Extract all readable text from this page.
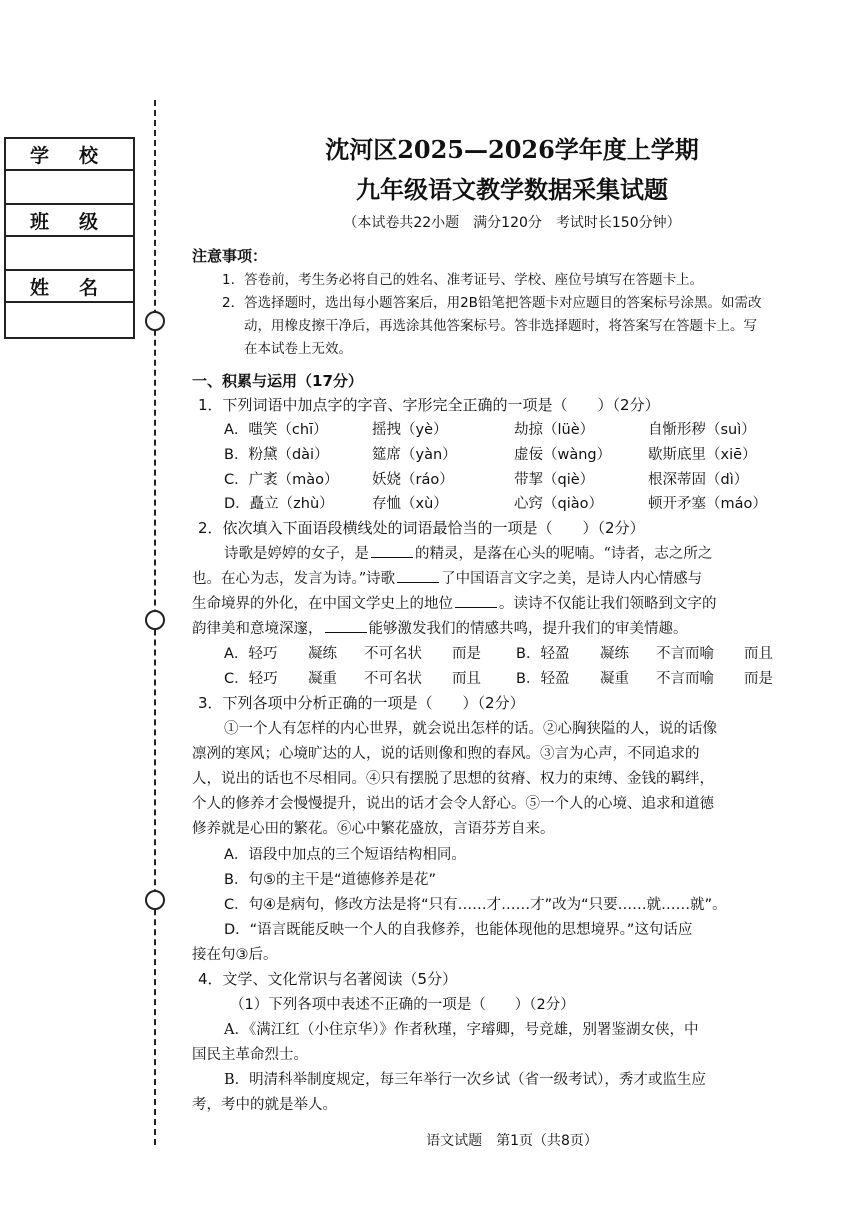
学校
班级
姓名
沈河区2025—2026学年度上学期
九年级语文教学数据采集试题
（本试卷共22小题　满分120分　考试时长150分钟）
注意事项：
1．答卷前，考生务必将自己的姓名、准考证号、学校、座位号填写在答题卡上。
2．答选择题时，选出每小题答案后，用2B铅笔把答题卡对应题目的答案标号涂黑。如需改
动，用橡皮擦干净后，再选涂其他答案标号。答非选择题时，将答案写在答题卡上。写
在本试卷上无效。
一、积累与运用（17分）
1．下列词语中加点字的字音、字形完全正确的一项是（　　）（2分）
A．嗤笑（chī）	摇拽（yè）	劫掠（lüè）	自惭形秽（suì）
B．粉黛（dài）	筵席（yàn）	虚佞（wàng）	歇斯底里（xiē）
C．广袤（mào） 妖娆（ráo）	带挈（qiè）	根深蒂固（dì）
D．矗立（zhù）	存恤（xù）	心窍（qiào）	顿开矛塞（máo）
2．依次填入下面语段横线处的词语最恰当的一项是（　　）（2分）
诗歌是婷婷的女子，是	的精灵，是落在心头的呢喃。“诗者，志之所之
也。在心为志，发言为诗。”诗歌	了中国语言文字之美，是诗人内心情感与
生命境界的外化，在中国文学史上的地位	。读诗不仅能让我们领略到文字的
韵律美和意境深邃，	能够激发我们的情感共鸣，提升我们的审美情趣。
A．轻巧 凝练 不可名状 而是 B．轻盈 凝练 不言而喻 而且
C．轻巧 凝重 不可名状 而且 B．轻盈 凝重 不言而喻 而是
3．下列各项中分析正确的一项是（　　）（2分）
①一个人有怎样的内心世界，就会说出怎样的话。②心胸狭隘的人，说的话像
凛冽的寒风；心境旷达的人，说的话则像和煦的春风。③言为心声，不同追求的
人，说出的话也不尽相同。④只有摆脱了思想的贫瘠、权力的束缚、金钱的羁绊，
个人的修养才会慢慢提升，说出的话才会令人舒心。⑤一个人的心境、追求和道德
修养就是心田的繁花。⑥心中繁花盛放，言语芬芳自来。
A．语段中加点的三个短语结构相同。
B．句⑤的主干是“道德修养是花”
C．句④是病句，修改方法是将“只有……才……才”改为“只要……就……就”。
D．“语言既能反映一个人的自我修养，也能体现他的思想境界。”这句话应
接在句③后。
4．文学、文化常识与名著阅读（5分）
（1）下列各项中表述不正确的一项是（　　）（2分）
A．《满江红（小住京华）》作者秋瑾，字璿卿，号竞雄，别署鉴湖女侠，中
国民主革命烈士。
B．明清科举制度规定，每三年举行一次乡试（省一级考试），秀才或监生应
考，考中的就是举人。
语文试题　第1页（共8页）
